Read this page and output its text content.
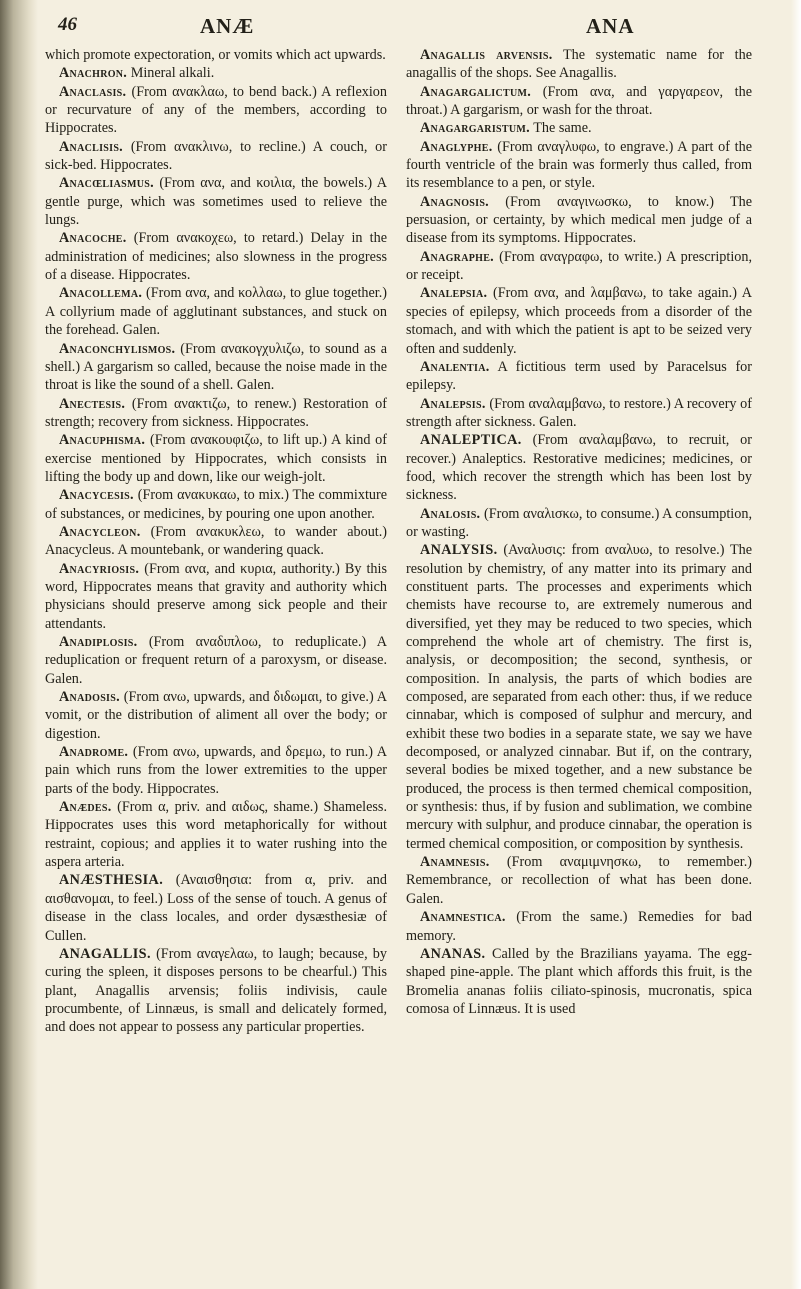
46	ANÆ	ANA

which promote expectoration, or vomits which act upwards.

Anachron. Mineral alkali.

Anaclasis. (From ανακλαω, to bend back.) A reflexion or recurvature of any of the members, according to Hippocrates.

Anaclisis. (From ανακλινω, to recline.) A couch, or sick-bed. Hippocrates.

Anacœliasmus. (From ανα, and κοιλια, the bowels.) A gentle purge, which was sometimes used to relieve the lungs.

Anacoche. (From ανακοχεω, to retard.) Delay in the administration of medicines; also slowness in the progress of a disease. Hippocrates.

Anacollema. (From ανα, and κολλαω, to glue together.) A collyrium made of agglutinant substances, and stuck on the forehead. Galen.

Anaconchylismos. (From ανακογχυλιζω, to sound as a shell.) A gargarism so called, because the noise made in the throat is like the sound of a shell. Galen.

Anectesis. (From ανακτιζω, to renew.) Restoration of strength; recovery from sickness. Hippocrates.

Anacuphisma. (From ανακουφιζω, to lift up.) A kind of exercise mentioned by Hippocrates, which consists in lifting the body up and down, like our weigh-jolt.

Anacycesis. (From ανακυκαω, to mix.) The commixture of substances, or medicines, by pouring one upon another.

Anacycleon. (From ανακυκλεω, to wander about.) Anacycleus. A mountebank, or wandering quack.

Anacyriosis. (From ανα, and κυρια, authority.) By this word, Hippocrates means that gravity and authority which physicians should preserve among sick people and their attendants.

Anadiplosis. (From αναδιπλοω, to reduplicate.) A reduplication or frequent return of a paroxysm, or disease. Galen.

Anadosis. (From ανω, upwards, and διδωμαι, to give.) A vomit, or the distribution of aliment all over the body; or digestion.

Anadrome. (From ανω, upwards, and δρεμω, to run.) A pain which runs from the lower extremities to the upper parts of the body. Hippocrates.

Anædes. (From α, priv. and αιδως, shame.) Shameless. Hippocrates uses this word metaphorically for without restraint, copious; and applies it to water rushing into the aspera arteria.

ANÆSTHESIA. (Αναισθησια: from α, priv. and αισθανομαι, to feel.) Loss of the sense of touch. A genus of disease in the class locales, and order dysæsthesiæ of Cullen.

ANAGALLIS. (From αναγελαω, to laugh; because, by curing the spleen, it disposes persons to be chearful.) This plant, Anagallis arvensis; foliis indivisis, caule procumbente, of Linnæus, is small and delicately formed, and does not appear to possess any particular properties.

Anagallis arvensis. The systematic name for the anagallis of the shops. See Anagallis.

Anagargalictum. (From ανα, and γαργαρεον, the throat.) A gargarism, or wash for the throat.

Anagargaristum. The same.

Anaglyphe. (From αναγλυφω, to engrave.) A part of the fourth ventricle of the brain was formerly thus called, from its resemblance to a pen, or style.

Anagnosis. (From αναγινωσκω, to know.) The persuasion, or certainty, by which medical men judge of a disease from its symptoms. Hippocrates.

Anagraphe. (From αναγραφω, to write.) A prescription, or receipt.

Analepsia. (From ανα, and λαμβανω, to take again.) A species of epilepsy, which proceeds from a disorder of the stomach, and with which the patient is apt to be seized very often and suddenly.

Analentia. A fictitious term used by Paracelsus for epilepsy.

Analepsis. (From αναλαμβανω, to restore.) A recovery of strength after sickness. Galen.

ANALEPTICA. (From αναλαμβανω, to recruit, or recover.) Analeptics. Restorative medicines; medicines, or food, which recover the strength which has been lost by sickness.

Analosis. (From αναλισκω, to consume.) A consumption, or wasting.

ANALYSIS. (Αναλυσις: from αναλυω, to resolve.) The resolution by chemistry, of any matter into its primary and constituent parts. The processes and experiments which chemists have recourse to, are extremely numerous and diversified, yet they may be reduced to two species, which comprehend the whole art of chemistry. The first is, analysis, or decomposition; the second, synthesis, or composition. In analysis, the parts of which bodies are composed, are separated from each other: thus, if we reduce cinnabar, which is composed of sulphur and mercury, and exhibit these two bodies in a separate state, we say we have decomposed, or analyzed cinnabar. But if, on the contrary, several bodies be mixed together, and a new substance be produced, the process is then termed chemical composition, or synthesis: thus, if by fusion and sublimation, we combine mercury with sulphur, and produce cinnabar, the operation is termed chemical composition, or composition by synthesis.

Anamnesis. (From αναμιμνησκω, to remember.) Remembrance, or recollection of what has been done. Galen.

Anamnestica. (From the same.) Remedies for bad memory.

ANANAS. Called by the Brazilians yayama. The egg-shaped pine-apple. The plant which affords this fruit, is the Bromelia ananas foliis ciliato-spinosis, mucronatis, spica comosa of Linnæus. It is used
